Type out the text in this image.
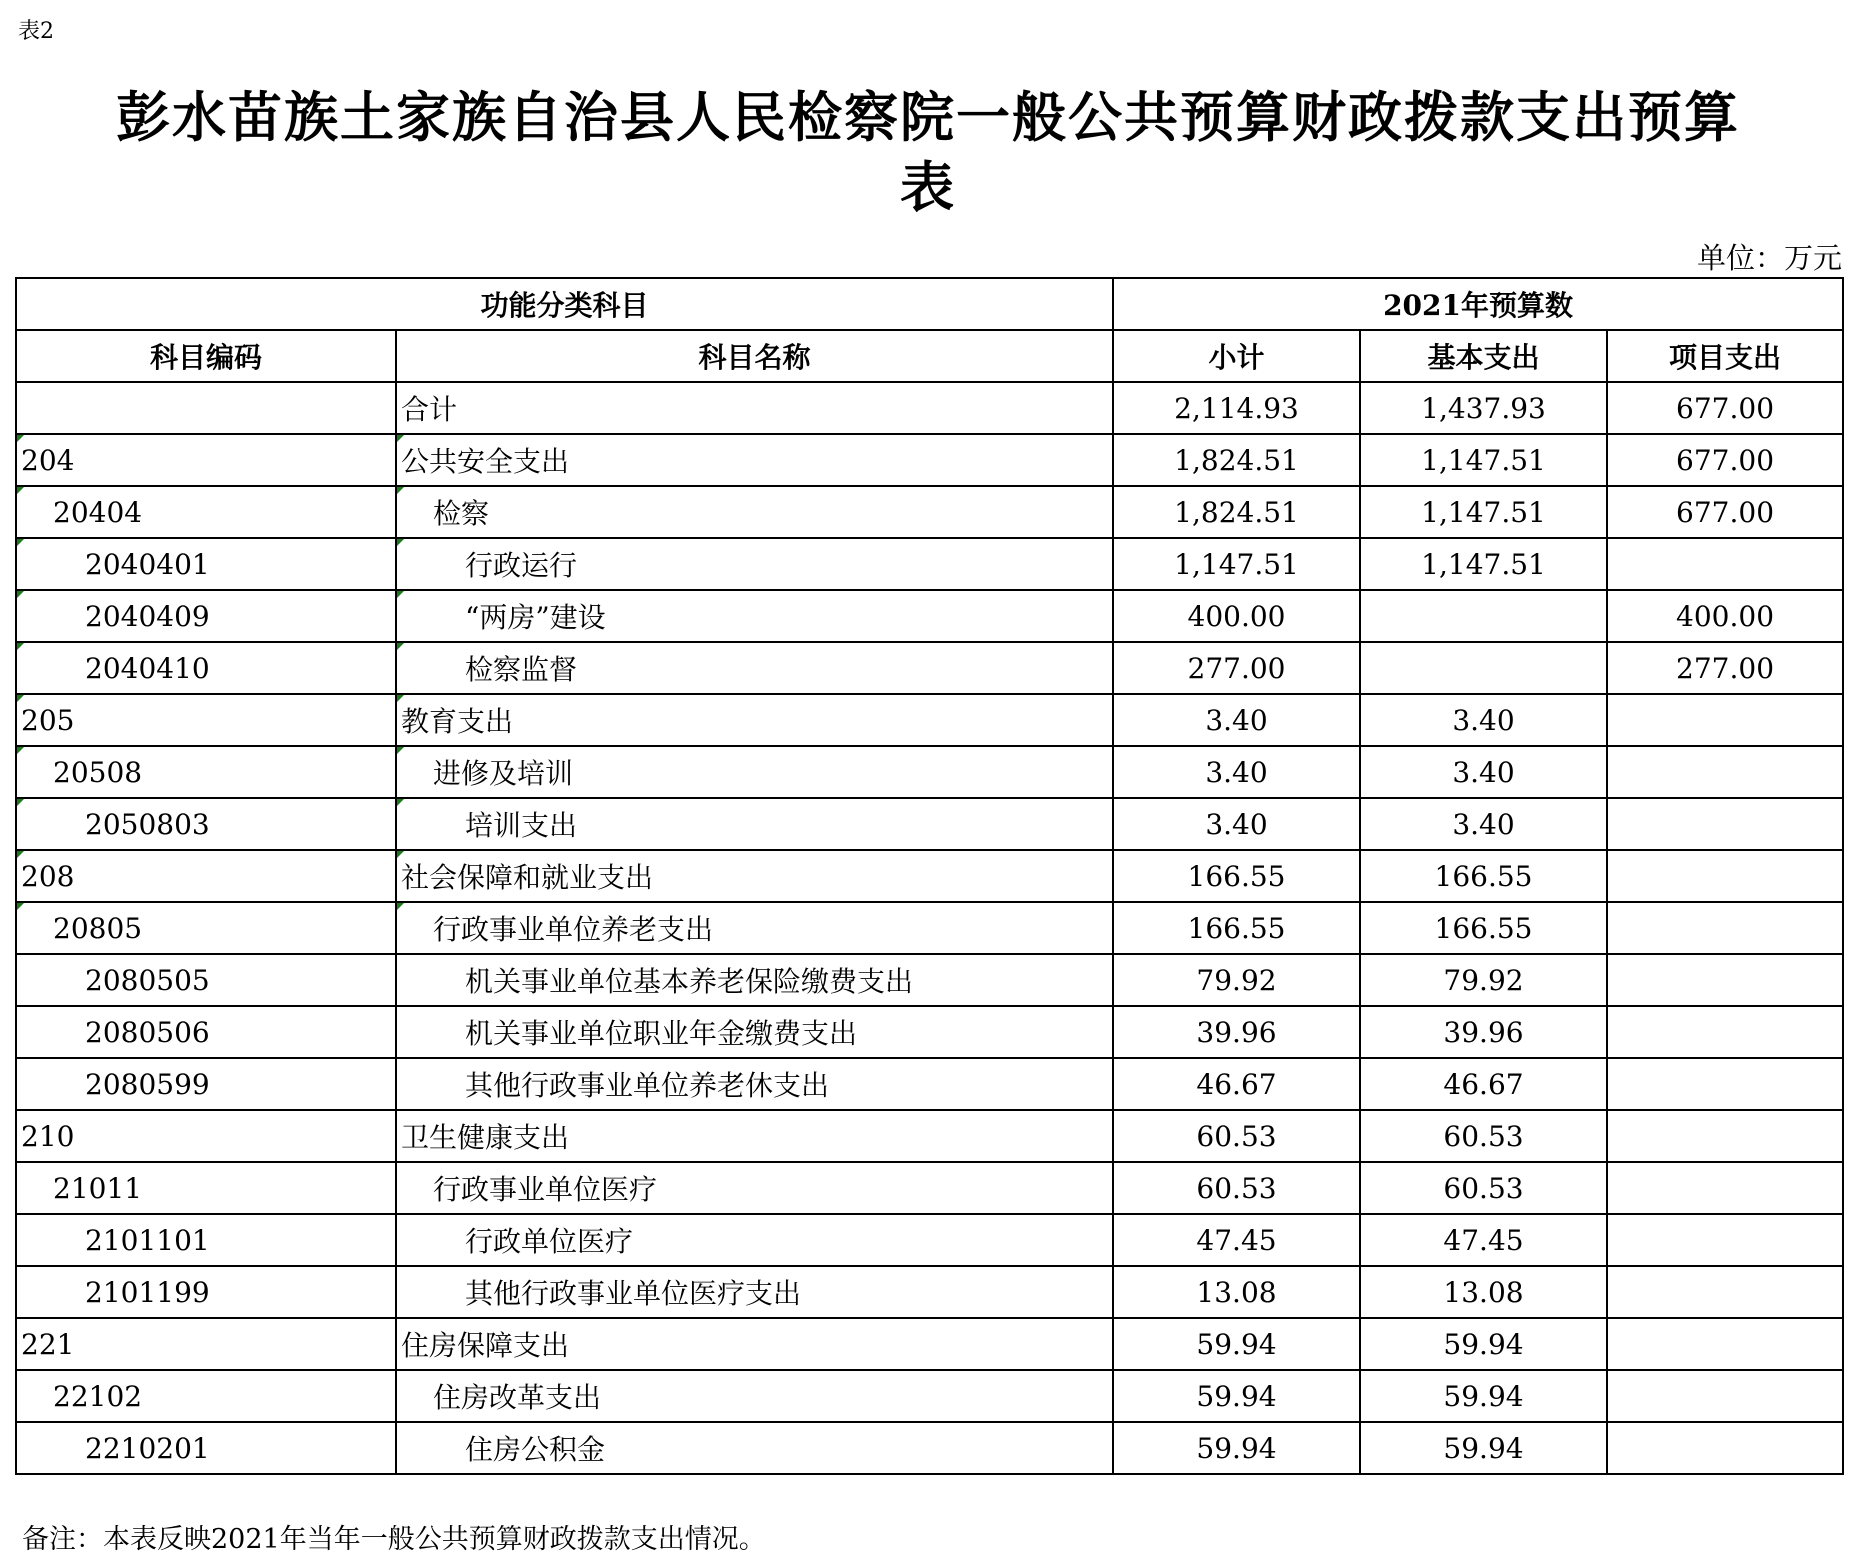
表2
彭水苗族土家族自治县人民检察院一般公共预算财政拨款支出预算
表
单位：万元
功能分类科目		2021年预算数		
科目编码	科目名称	小计	基本支出	项目支出
	合计	2,114.93	1,437.93	677.00
204	公共安全支出	1,824.51	1,147.51	677.00
20404	检察	1,824.51	1,147.51	677.00
2040401	行政运行	1,147.51	1,147.51	
2040409	“两房”建设	400.00		400.00
2040410	检察监督	277.00		277.00
205	教育支出	3.40	3.40	
20508	进修及培训	3.40	3.40	
2050803	培训支出	3.40	3.40	
208	社会保障和就业支出	166.55	166.55	
20805	行政事业单位养老支出	166.55	166.55	
2080505	机关事业单位基本养老保险缴费支出	79.92	79.92	
2080506	机关事业单位职业年金缴费支出	39.96	39.96	
2080599	其他行政事业单位养老休支出	46.67	46.67	
210	卫生健康支出	60.53	60.53	
21011	行政事业单位医疗	60.53	60.53	
2101101	行政单位医疗	47.45	47.45	
2101199	其他行政事业单位医疗支出	13.08	13.08	
221	住房保障支出	59.94	59.94	
22102	住房改革支出	59.94	59.94	
2210201	住房公积金	59.94	59.94	
备注：本表反映2021年当年一般公共预算财政拨款支出情况。
